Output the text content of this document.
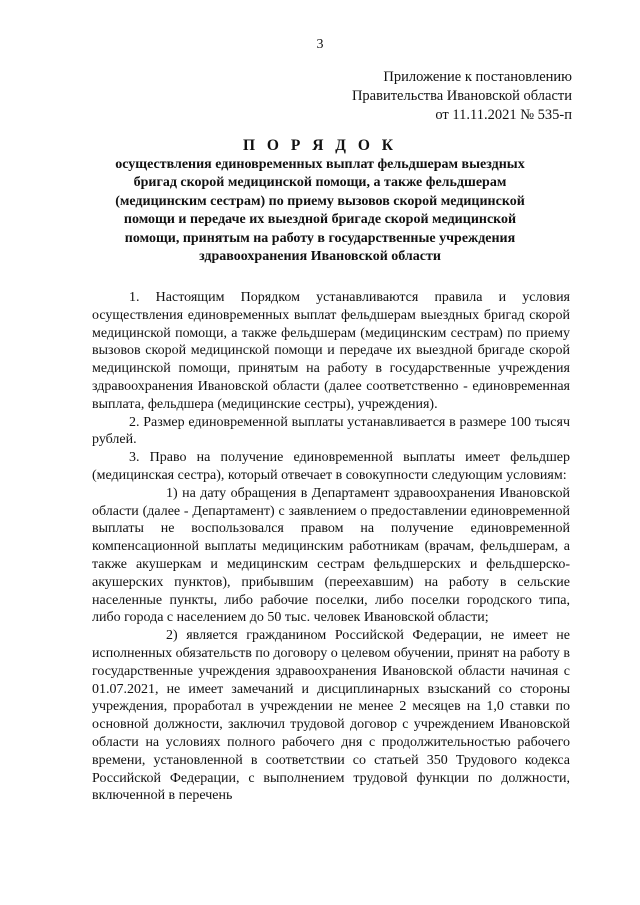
3
Приложение к постановлению
Правительства Ивановской области
от 11.11.2021 № 535-п
П О Р Я Д О К
осуществления единовременных выплат фельдшерам выездных бригад скорой медицинской помощи, а также фельдшерам (медицинским сестрам) по приему вызовов скорой медицинской помощи и передаче их выездной бригаде скорой медицинской помощи, принятым на работу в государственные учреждения здравоохранения Ивановской области

1. Настоящим Порядком устанавливаются правила и условия осуществления единовременных выплат фельдшерам выездных бригад скорой медицинской помощи, а также фельдшерам (медицинским сестрам) по приему вызовов скорой медицинской помощи и передаче их выездной бригаде скорой медицинской помощи, принятым на работу в государственные учреждения здравоохранения Ивановской области (далее соответственно - единовременная выплата, фельдшера (медицинские сестры), учреждения).

2. Размер единовременной выплаты устанавливается в размере 100 тысяч рублей.

3. Право на получение единовременной выплаты имеет фельдшер (медицинская сестра), который отвечает в совокупности следующим условиям:

1) на дату обращения в Департамент здравоохранения Ивановской области (далее - Департамент) с заявлением о предоставлении единовременной выплаты не воспользовался правом на получение единовременной компенсационной выплаты медицинским работникам (врачам, фельдшерам, а также акушеркам и медицинским сестрам фельдшерских и фельдшерско-акушерских пунктов), прибывшим (переехавшим) на работу в сельские населенные пункты, либо рабочие поселки, либо поселки городского типа, либо города с населением до 50 тыс. человек Ивановской области;

2) является гражданином Российской Федерации, не имеет не исполненных обязательств по договору о целевом обучении, принят на работу в государственные учреждения здравоохранения Ивановской области начиная с 01.07.2021, не имеет замечаний и дисциплинарных взысканий со стороны учреждения, проработал в учреждении не менее 2 месяцев на 1,0 ставки по основной должности, заключил трудовой договор с учреждением Ивановской области на условиях полного рабочего дня с продолжительностью рабочего времени, установленной в соответствии со статьей 350 Трудового кодекса Российской Федерации, с выполнением трудовой функции по должности, включенной в перечень
